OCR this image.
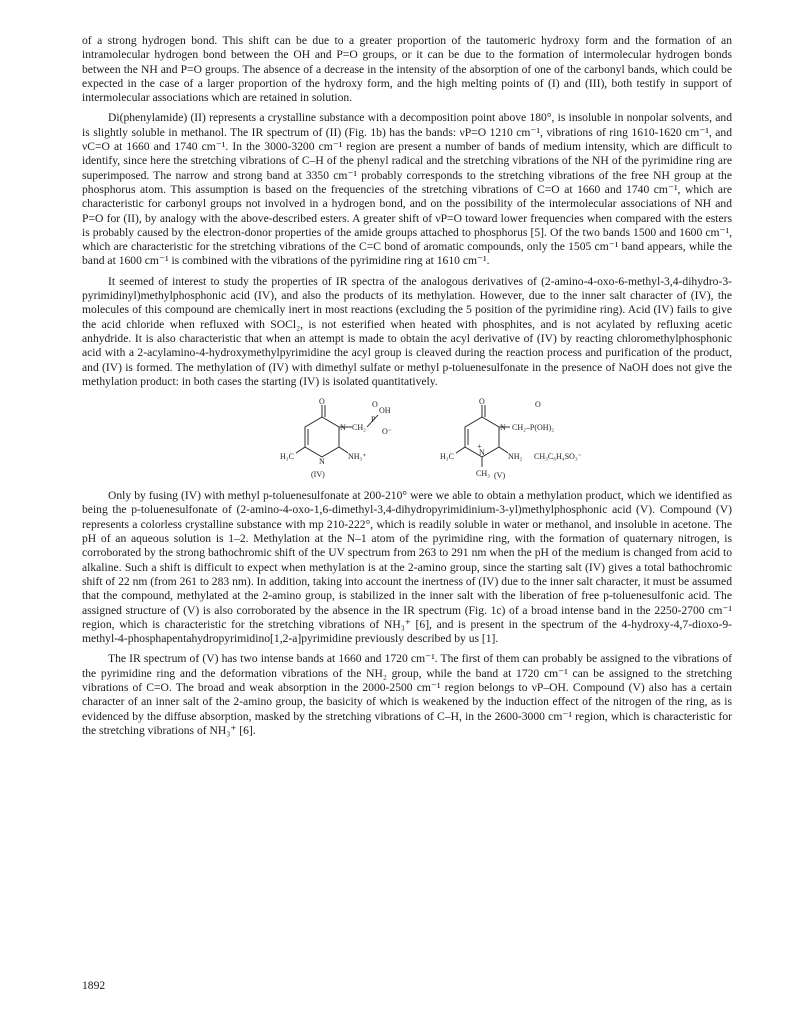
of a strong hydrogen bond. This shift can be due to a greater proportion of the tautomeric hydroxy form and the formation of an intramolecular hydrogen bond between the OH and P=O groups, or it can be due to the formation of intermolecular hydrogen bonds between the NH and P=O groups. The absence of a decrease in the intensity of the absorption of one of the carbonyl bands, which could be expected in the case of a larger proportion of the hydroxy form, and the high melting points of (I) and (III), both testify in support of intermolecular associations which are retained in solution.

Di(phenylamide) (II) represents a crystalline substance with a decomposition point above 180°, is insoluble in nonpolar solvents, and is slightly soluble in methanol. The IR spectrum of (II) (Fig. 1b) has the bands: νP=O 1210 cm⁻¹, vibrations of ring 1610-1620 cm⁻¹, and νC=O at 1660 and 1740 cm⁻¹. In the 3000-3200 cm⁻¹ region are present a number of bands of medium intensity, which are difficult to identify, since here the stretching vibrations of C–H of the phenyl radical and the stretching vibrations of the NH of the pyrimidine ring are superimposed. The narrow and strong band at 3350 cm⁻¹ probably corresponds to the stretching vibrations of the free NH group at the phosphorus atom. This assumption is based on the frequencies of the stretching vibrations of C=O at 1660 and 1740 cm⁻¹, which are characteristic for carbonyl groups not involved in a hydrogen bond, and on the possibility of the intermolecular associations of NH and P=O for (II), by analogy with the above-described esters. A greater shift of νP=O toward lower frequencies when compared with the esters is probably caused by the electron-donor properties of the amide groups attached to phosphorus [5]. Of the two bands 1500 and 1600 cm⁻¹, which are characteristic for the stretching vibrations of the C=C bond of aromatic compounds, only the 1505 cm⁻¹ band appears, while the band at 1600 cm⁻¹ is combined with the vibrations of the pyrimidine ring at 1610 cm⁻¹.

It seemed of interest to study the properties of IR spectra of the analogous derivatives of (2-amino-4-oxo-6-methyl-3,4-dihydro-3-pyrimidinyl)methylphosphonic acid (IV), and also the products of its methylation. However, due to the inner salt character of (IV), the molecules of this compound are chemically inert in most reactions (excluding the 5 position of the pyrimidine ring). Acid (IV) fails to give the acid chloride when refluxed with SOCl₂, is not esterified when heated with phosphites, and is not acylated by refluxing acetic anhydride. It is also characteristic that when an attempt is made to obtain the acyl derivative of (IV) by reacting chloromethylphosphonic acid with a 2-acylamino-4-hydroxymethylpyrimidine the acyl group is cleaved during the reaction process and purification of the product, and (IV) is formed. The methylation of (IV) with dimethyl sulfate or methyl p-toluenesulfonate in the presence of NaOH does not give the methylation product: in both cases the starting (IV) is isolated quantitatively.

O
N CH₂
P
O
OH
O⁻
H₃C
N
NH₃⁺
(IV)
O
N CH₂–P(OH)₂
O
H₃C	N
+
NH₂
CH₃ (V)
CH₃C₆H₄SO₃⁻

Only by fusing (IV) with methyl p-toluenesulfonate at 200-210° were we able to obtain a methylation product, which we identified as being the p-toluenesulfonate of (2-amino-4-oxo-1,6-dimethyl-3,4-dihydropyrimidinium-3-yl)methylphosphonic acid (V). Compound (V) represents a colorless crystalline substance with mp 210-222°, which is readily soluble in water or methanol, and insoluble in acetone. The pH of an aqueous solution is 1–2. Methylation at the N–1 atom of the pyrimidine ring, with the formation of quaternary nitrogen, is corroborated by the strong bathochromic shift of the UV spectrum from 263 to 291 nm when the pH of the medium is changed from acid to alkaline. Such a shift is difficult to expect when methylation is at the 2-amino group, since the starting salt (IV) gives a total bathochromic shift of 22 nm (from 261 to 283 nm). In addition, taking into account the inertness of (IV) due to the inner salt character, it must be assumed that the compound, methylated at the 2-amino group, is stabilized in the inner salt with the liberation of free p-toluenesulfonic acid. The assigned structure of (V) is also corroborated by the absence in the IR spectrum (Fig. 1c) of a broad intense band in the 2250-2700 cm⁻¹ region, which is characteristic for the stretching vibrations of NH₃⁺ [6], and is present in the spectrum of the 4-hydroxy-4,7-dioxo-9-methyl-4-phosphapentahydropyrimidino[1,2-a]pyrimidine previously described by us [1].

The IR spectrum of (V) has two intense bands at 1660 and 1720 cm⁻¹. The first of them can probably be assigned to the vibrations of the pyrimidine ring and the deformation vibrations of the NH₂ group, while the band at 1720 cm⁻¹ can be assigned to the stretching vibrations of C=O. The broad and weak absorption in the 2000-2500 cm⁻¹ region belongs to νP–OH. Compound (V) also has a certain character of an inner salt of the 2-amino group, the basicity of which is weakened by the induction effect of the nitrogen of the ring, as is evidenced by the diffuse absorption, masked by the stretching vibrations of C–H, in the 2600-3000 cm⁻¹ region, which is characteristic for the stretching vibrations of NH₃⁺ [6].

1892
